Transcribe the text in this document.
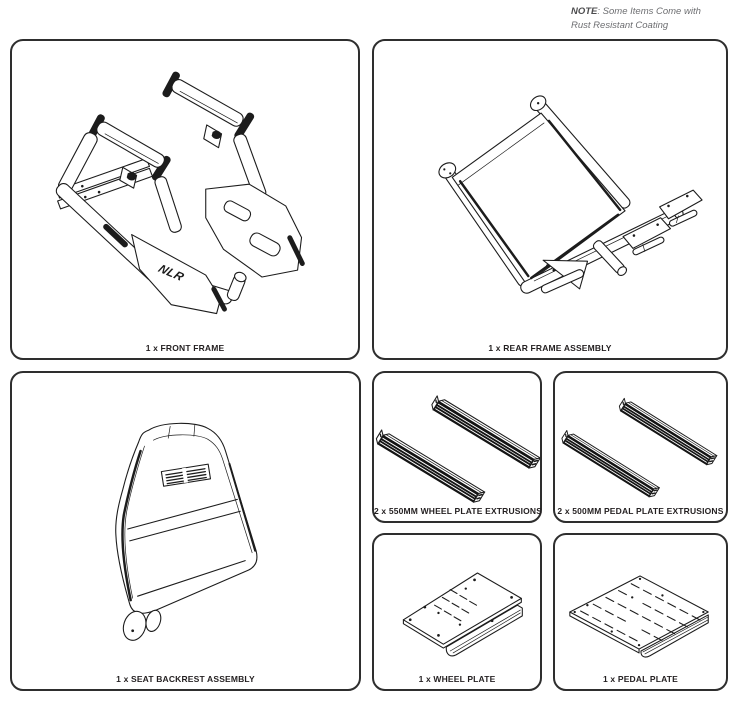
NOTE: Some Items Come with
Rust Resistant Coating
NLR
1 x FRONT FRAME	1 x REAR FRAME ASSEMBLY
1 x SEAT BACKREST ASSEMBLY
2 x 550MM WHEEL PLATE EXTRUSIONS 2 x 500MM PEDAL PLATE EXTRUSIONS
1 x WHEEL PLATE	1 x PEDAL PLATE
